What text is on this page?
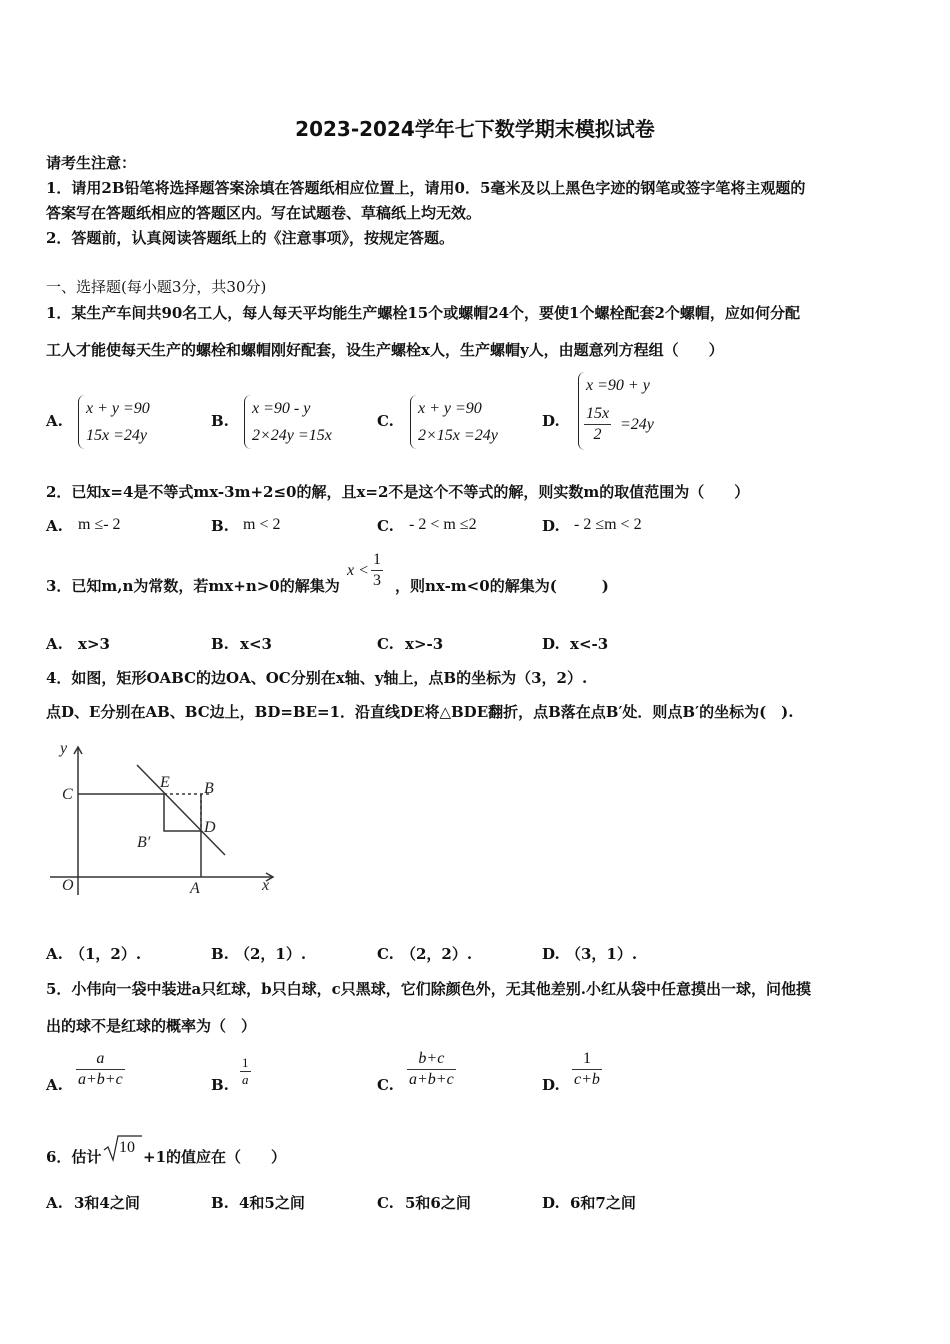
2023-2024学年七下数学期末模拟试卷
请考生注意：
1．请用2B铅笔将选择题答案涂填在答题纸相应位置上，请用0．5毫米及以上黑色字迹的钢笔或签字笔将主观题的
答案写在答题纸相应的答题区内。写在试题卷、草稿纸上均无效。
2．答题前，认真阅读答题纸上的《注意事项》，按规定答题。
一、选择题(每小题3分，共30分)
1．某生产车间共90名工人，每人每天平均能生产螺栓15个或螺帽24个，要使1个螺栓配套2个螺帽，应如何分配
工人才能使每天生产的螺栓和螺帽刚好配套，设生产螺栓x人，生产螺帽y人，由题意列方程组（　　）
A.
x + y =90
15x =24y
B.
x =90 - y
2×24y =15x
C.
x + y =90
2×15x =24y
D.
x =90 + y
$\frac{15x}{2} =24y$
2．已知x=4是不等式mx-3m+2≤0的解，且x=2不是这个不等式的解，则实数m的取值范围为（　　）
A. m ≤- 2	B. m < 2	C. - 2 < m ≤2	D. - 2 ≤m < 2
3．已知m,n为常数，若mx+n>0的解集为
$x < \frac{1}{3}$ ，则nx-m<0的解集为(　　　)
A. x>3	B. x<3	C. x>-3	D. x<-3
4．如图，矩形OABC的边OA、OC分别在x轴、y轴上，点B的坐标为（3，2）.
点D、E分别在AB、BC边上，BD=BE=1．沿直线DE将△BDE翻折，点B落在点B′处．则点B′的坐标为(　).
y
C
O	A	x
E B
D
B′
A. （1，2）.	B. （2，1）.	C. （2，2）.	D. （3，1）.
5．小伟向一袋中装进a只红球，b只白球，c只黑球，它们除颜色外，无其他差别.小红从袋中任意摸出一球，问他摸
出的球不是红球的概率为（　）
A. $\frac{a}{a+b+c}$	B. $\frac{1}{a}$	C. $\frac{b+c}{a+b+c}$	D. $\frac{1}{c+b}$
6．估计
10
+1的值应在（　　）
A. 3和4之间	B. 4和5之间	C. 5和6之间	D. 6和7之间
